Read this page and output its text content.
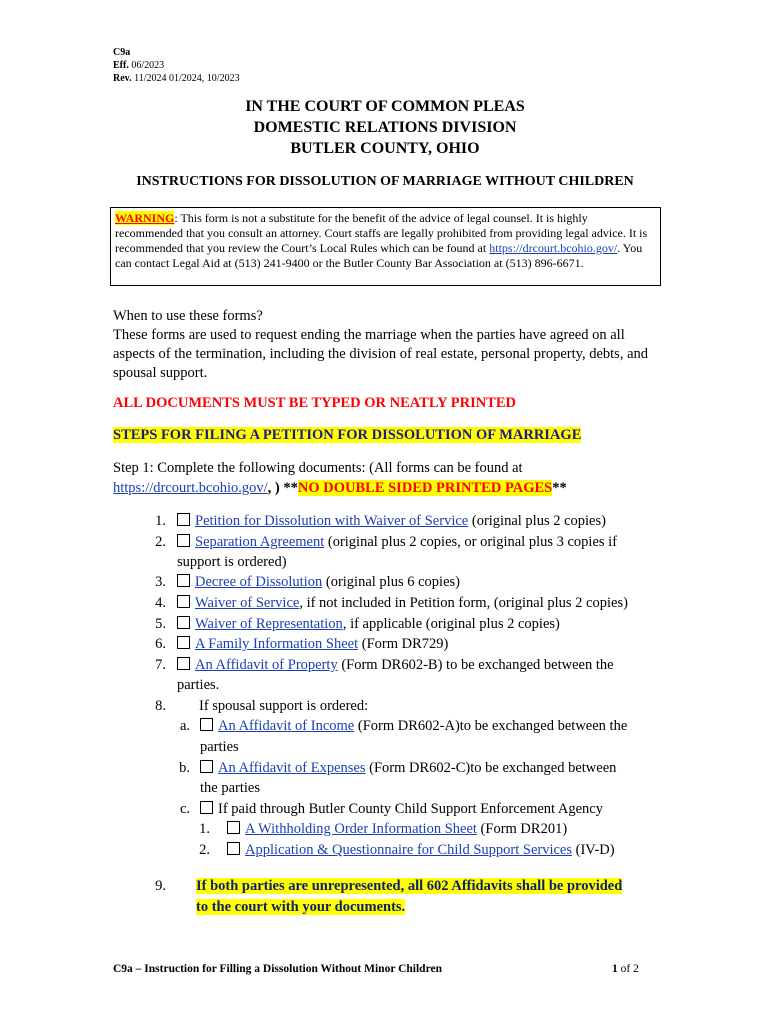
C9a
Eff. 06/2023
Rev. 11/2024 01/2024, 10/2023
IN THE COURT OF COMMON PLEAS
DOMESTIC RELATIONS DIVISION
BUTLER COUNTY, OHIO
INSTRUCTIONS FOR DISSOLUTION OF MARRIAGE WITHOUT CHILDREN
WARNING: This form is not a substitute for the benefit of the advice of legal counsel. It is highly recommended that you consult an attorney. Court staffs are legally prohibited from providing legal advice. It is recommended that you review the Court’s Local Rules which can be found at https://drcourt.bcohio.gov/. You can contact Legal Aid at (513) 241-9400 or the Butler County Bar Association at (513) 896-6671.
When to use these forms?
These forms are used to request ending the marriage when the parties have agreed on all aspects of the termination, including the division of real estate, personal property, debts, and spousal support.
ALL DOCUMENTS MUST BE TYPED OR NEATLY PRINTED
STEPS FOR FILING A PETITION FOR DISSOLUTION OF MARRIAGE
Step 1: Complete the following documents: (All forms can be found at
https://drcourt.bcohio.gov/, ) **NO DOUBLE SIDED PRINTED PAGES**
1.	Petition for Dissolution with Waiver of Service (original plus 2 copies)
2.	Separation Agreement (original plus 2 copies, or original plus 3 copies if
support is ordered)
3.	Decree of Dissolution (original plus 6 copies)
4.	Waiver of Service, if not included in Petition form, (original plus 2 copies)
5.	Waiver of Representation, if applicable (original plus 2 copies)
6.	A Family Information Sheet (Form DR729)
7.	An Affidavit of Property (Form DR602-B) to be exchanged between the
parties.
8. If spousal support is ordered:
a.	An Affidavit of Income (Form DR602-A)to be exchanged between the
parties
b.	An Affidavit of Expenses (Form DR602-C)to be exchanged between
the parties
c.	If paid through Butler County Child Support Enforcement Agency
1.	A Withholding Order Information Sheet (Form DR201)
2.	Application & Questionnaire for Child Support Services (IV-D)
9. If both parties are unrepresented, all 602 Affidavits shall be provided
to the court with your documents.
C9a – Instruction for Filling a Dissolution Without Minor Children	1 of 2
